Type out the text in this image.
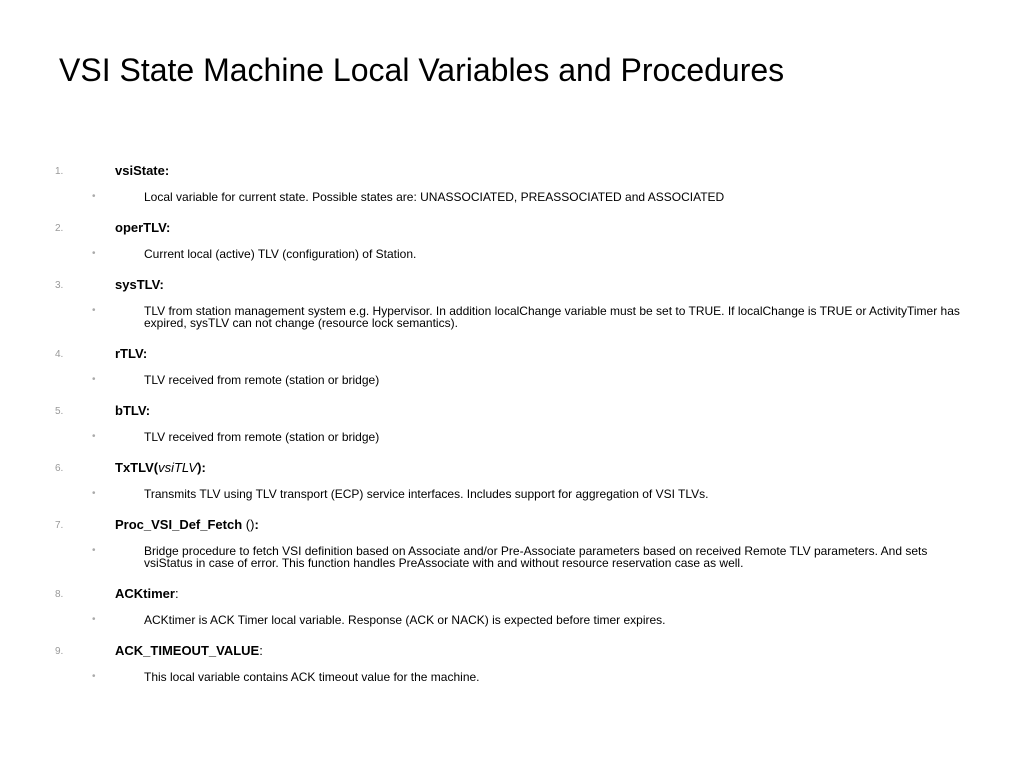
VSI State Machine Local Variables and Procedures
1.	vsiState:
•	Local variable for current state. Possible states are: UNASSOCIATED, PREASSOCIATED and ASSOCIATED
2.	operTLV:
•	Current local (active) TLV (configuration) of Station.
3.	sysTLV:
•	TLV from station management system e.g. Hypervisor. In addition localChange variable must be set to TRUE. If localChange is TRUE or ActivityTimer has expired, sysTLV can not change (resource lock semantics).
4.	rTLV:
•	TLV received from remote (station or bridge)
5.	bTLV:
•	TLV received from remote (station or bridge)
6.	TxTLV(vsiTLV):
•	Transmits TLV using TLV transport (ECP) service interfaces. Includes support for aggregation of VSI TLVs.
7.	Proc_VSI_Def_Fetch ():
•	Bridge procedure to fetch VSI definition based on Associate and/or Pre-Associate parameters based on received Remote TLV parameters. And sets vsiStatus in case of error. This function handles PreAssociate with and without resource reservation case as well.
8.	ACKtimer:
•	ACKtimer is ACK Timer local variable. Response (ACK or NACK) is expected before timer expires.
9.	ACK_TIMEOUT_VALUE:
•	This local variable contains ACK timeout value for the machine.
